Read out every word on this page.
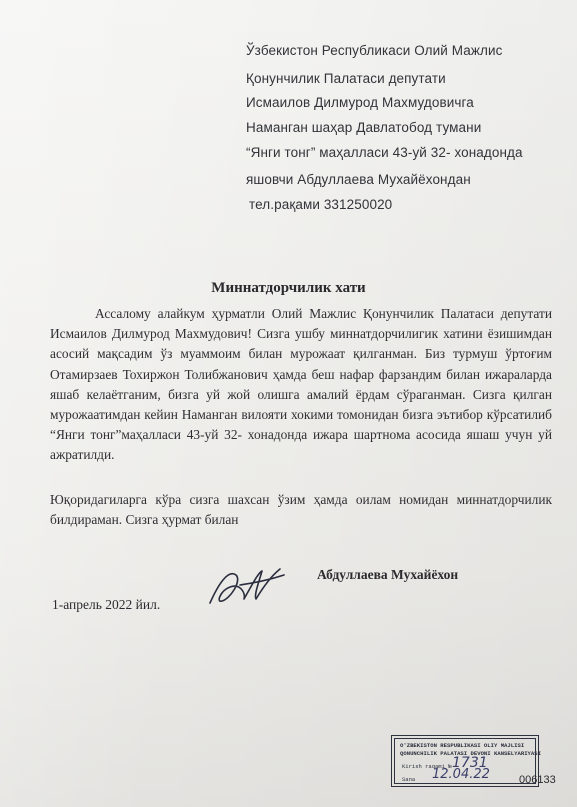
Ўзбекистон Республикаси Олий Мажлис
Қонунчилик Палатаси депутати
Исмаилов Дилмурод Махмудовичга
Наманган шаҳар Давлатобод тумани
“Янги тонг” маҳалласи 43-уй 32- хонадонда
яшовчи Абдуллаева Мухайёхондан
тел.рақами 331250020
Миннатдорчилик хати
Ассалому алайкум ҳурматли Олий Мажлис Қонунчилик Палатаси депутати Исмаилов Дилмурод Махмудович! Сизга ушбу миннатдорчилигик хатини ёзишимдан асосий мақсадим ўз муаммоим билан мурожаат қилганман. Биз турмуш ўртоғим Отамирзаев Тохиржон Толибжанович ҳамда беш нафар фарзандим билан ижараларда яшаб келаётганим, бизга уй жой олишга амалий ёрдам сўраганман. Сизга қилган мурожаатимдан кейин Наманган вилояти хокими томонидан бизга эътибор кўрсатилиб “Янги тонг”маҳалласи 43-уй 32- хонадонда ижара шартнома асосида яшаш учун уй ажратилди.
Юқоридагиларга кўра сизга шахсан ўзим ҳамда оилам номидан миннатдорчилик билдираман. Сизга ҳурмат билан
Абдуллаева Мухайёхон
1-апрель 2022 йил.
O'ZBEKISTON RESPUBLIKASI OLIY MAJLISI
QONUNCHILIK PALATASI DEVONI KANSELYARIYASI
Kirish raqami № 1731
Sana 12.04.22	006133
